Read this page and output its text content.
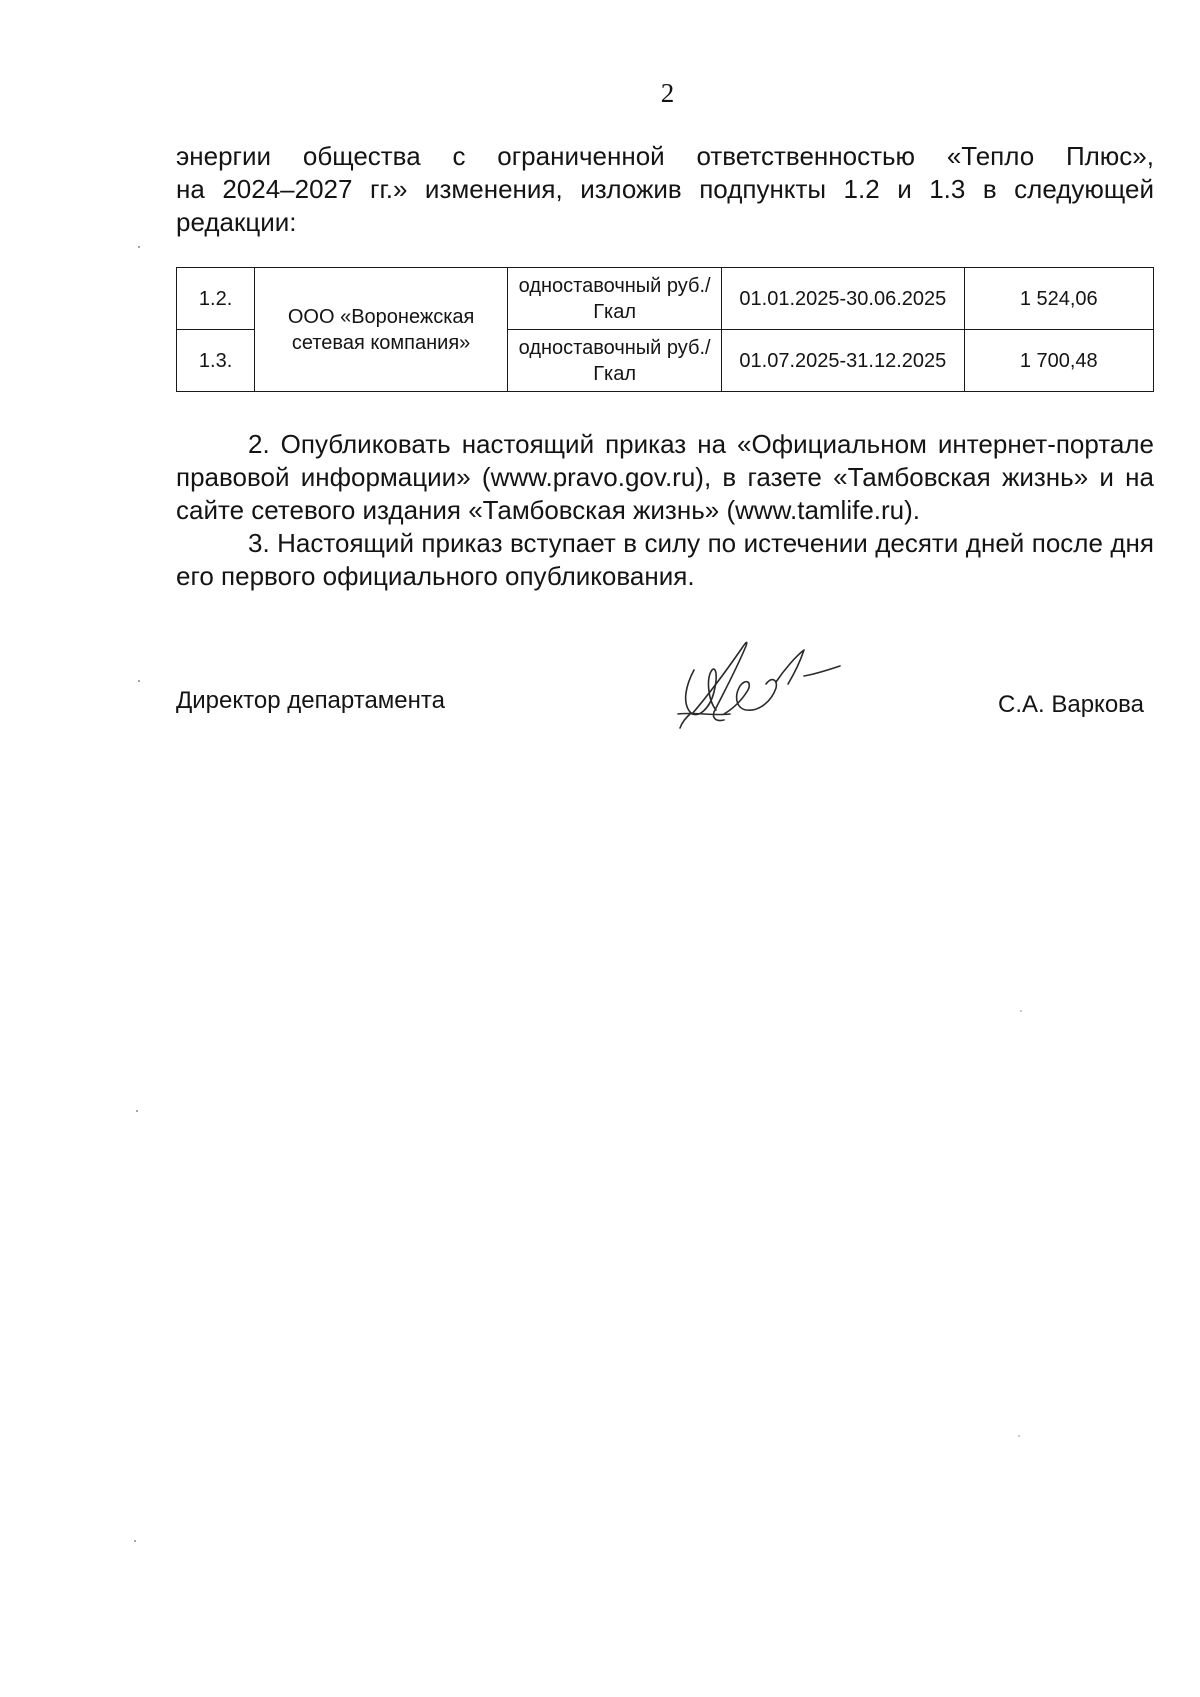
2
энергии общества с ограниченной ответственностью «Тепло Плюс»,
на 2024–2027 гг.» изменения, изложив подпункты 1.2 и 1.3 в следующей
редакции:
1.2.	ООО «Воронежская сетевая компания»	одноставочный руб./Гкал	01.01.2025-30.06.2025	1 524,06
1.3.		одноставочный руб./Гкал	01.07.2025-31.12.2025	1 700,48

2. Опубликовать настоящий приказ на «Официальном интернет-портале правовой информации» (www.pravo.gov.ru), в газете «Тамбовская жизнь» и на сайте сетевого издания «Тамбовская жизнь» (www.tamlife.ru).

3. Настоящий приказ вступает в силу по истечении десяти дней после дня его первого официального опубликования.

Директор департамента	С.А. Варкова
